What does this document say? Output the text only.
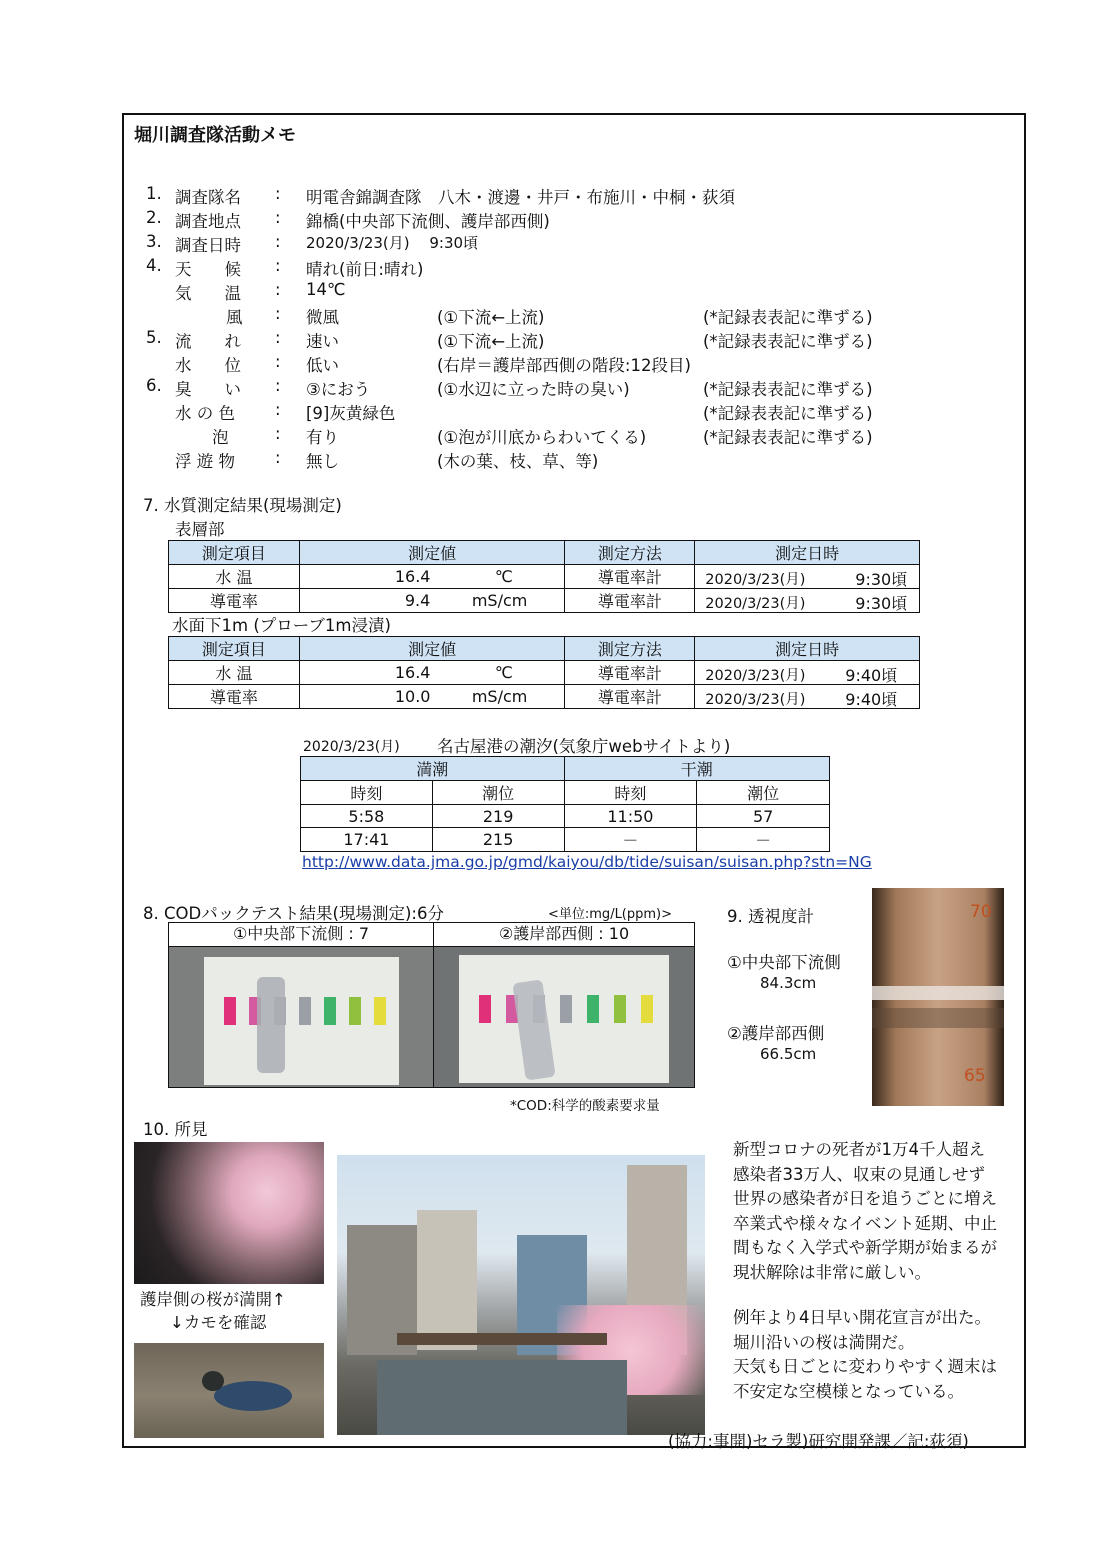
堀川調査隊活動メモ
1. 調査隊名 : 明電舎錦調査隊　八木・渡邊・井戸・布施川・中桐・荻須
2. 調査地点 : 錦橋(中央部下流側、護岸部西側)
3. 調査日時 : 2020/3/23(月)　 9:30頃
4. 天　　候 : 晴れ(前日:晴れ)
気　　温 : 14℃
風 : 微風	(①下流←上流)	(*記録表表記に準ずる)
5. 流　　れ : 速い	(①下流←上流)	(*記録表表記に準ずる)
水　　位 : 低い	(右岸＝護岸部西側の階段:12段目)
6. 臭　　い : ③におう	(①水辺に立った時の臭い)	(*記録表表記に準ずる)
水 の 色 : [9]灰黄緑色	(*記録表表記に準ずる)
泡	: 有り	(①泡が川底からわいてくる)	(*記録表表記に準ずる)
浮 遊 物 : 無し	(木の葉、枝、草、等)
7. 水質測定結果(現場測定)
表層部
測定項目	測定値	測定方法	測定日時
水 温	16.4 ℃	導電率計	2020/3/23(月) 9:30頃

導電率	9.4 mS/cm	導電率計	2020/3/23(月) 9:30頃
水面下1m (プローブ1m浸漬)
測定項目	測定値	測定方法	測定日時
水 温	16.4 ℃	導電率計	2020/3/23(月) 9:40頃

導電率	10.0 mS/cm	導電率計	2020/3/23(月) 9:40頃
2020/3/23(月) 名古屋港の潮汐(気象庁webサイトより)
満潮		干潮	
時刻	潮位	時刻	潮位
5:58	219	11:50	57
17:41	215	－	－
http://www.data.jma.go.jp/gmd/kaiyou/db/tide/suisan/suisan.php?stn=NG
8. CODパックテスト結果(現場測定):6分	<単位:mg/L(ppm)>
①中央部下流側 : 7	②護岸部西側 : 10
*COD:科学的酸素要求量
9. 透視度計
①中央部下流側
84.3cm
②護岸部西側
66.5cm
70
65
10. 所見
護岸側の桜が満開↑
↓カモを確認
新型コロナの死者が1万4千人超え
感染者33万人、収束の見通しせず
世界の感染者が日を追うごとに増え
卒業式や様々なイベント延期、中止
間もなく入学式や新学期が始まるが
現状解除は非常に厳しい。
例年より4日早い開花宣言が出た。
堀川沿いの桜は満開だ。
天気も日ごとに変わりやすく週末は
不安定な空模様となっている。
(協力:事開)セラ製)研究開発課／記:荻須)
